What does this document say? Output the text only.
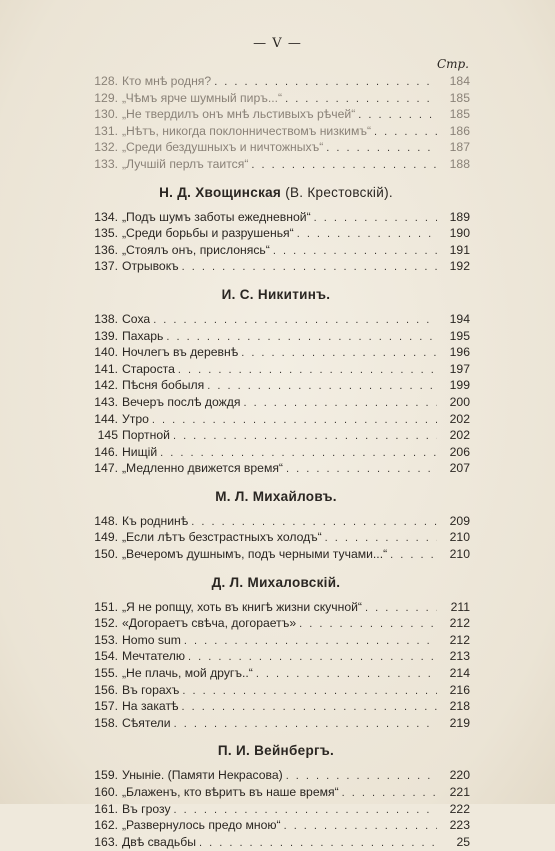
— V —
Стр.
128. Кто мнѣ родня? . . .	184
129. „Чѣмъ ярче шумный пиръ...“ . . .	185
130. „Не твердилъ онъ мнѣ льстивыхъ рѣчей“ . . .	185
131. „Нѣтъ, никогда поклонничествомъ низкимъ“ . . .	186
132. „Среди бездушныхъ и ничтожныхъ“ . . .	187
133. „Лучшій перлъ таится“ . . .	188
Н. Д. Хвощинская (В. Крестовскій).
134. „Подъ шумъ заботы ежедневной“ . . .	189
135. „Среди борьбы и разрушенья“ . . .	190
136. „Стоялъ онъ, прислонясь“ . . .	191
137. Отрывокъ . . .	192
И. С. Никитинъ.
138. Соха . . .	194
139. Пахарь . . .	195
140. Ночлегъ въ деревнѣ . . .	196
141. Староста . . .	197
142. Пѣсня бобыля . . .	199
143. Вечеръ послѣ дождя . . .	200
144. Утро . . .	202
145 Портной . . .	202
146. Нищій . . .	206
147. „Медленно движется время“ . . .	207
М. Л. Михайловъ.
148. Къ роднинѣ . . .	209
149. „Если лѣтъ безстрастныхъ холодъ“ . . .	210
150. „Вечеромъ душнымъ, подъ черными тучами...“ . . .	210
Д. Л. Михаловскій.
151. „Я не ропщу, хоть въ книгѣ жизни скучной“ . . .	211
152. «Догораетъ свѣча, догораетъ» . . .	212
153. Homo sum . . .	212
154. Мечтателю . . .	213
155. „Не плачь, мой другъ..“ . . .	214
156. Въ горахъ . . .	216
157. На закатѣ . . .	218
158. Сѣятели . . .	219
П. И. Вейнбергъ.
159. Уныніе. (Памяти Некрасова) . . .	220
160. „Блаженъ, кто вѣритъ въ наше время“ . . .	221
161. Въ грозу . . .	222
162. „Развернулось предо мною“ . . .	223
163. Двѣ свадьбы . . .	25
